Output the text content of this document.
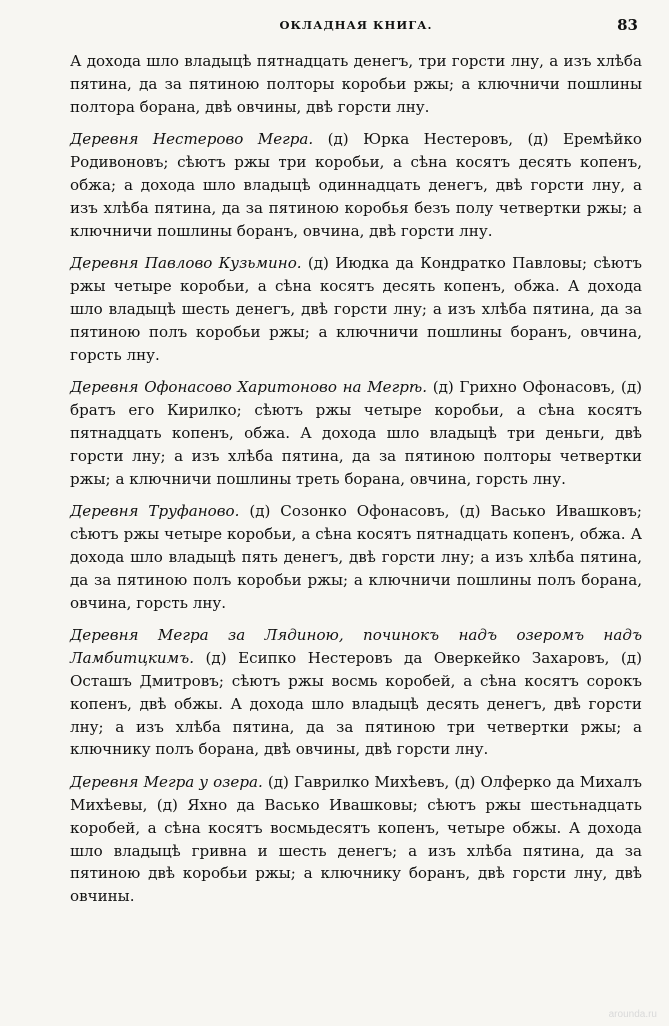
ОКЛАДНАЯ КНИГА.	83

А дохода шло владыцѣ пятнадцать денегъ, три горсти лну, а изъ хлѣба пятина, да за пятиною полторы коробьи ржы; а ключничи пошлины полтора борана, двѣ овчины, двѣ горсти лну.

Деревня Нестерово Мегра. (д) Юрка Нестеровъ, (д) Еремѣйко Родивоновъ; сѣютъ ржы три коробьи, а сѣна косятъ десять копенъ, обжа; а дохода шло владыцѣ одиннадцать денегъ, двѣ горсти лну, а изъ хлѣба пятина, да за пятиною коробья безъ полу четвертки ржы; а ключничи пошлины боранъ, овчина, двѣ горсти лну.

Деревня Павлово Кузьмино. (д) Июдка да Кондратко Павловы; сѣютъ ржы четыре коробьи, а сѣна косятъ десять копенъ, обжа. А дохода шло владыцѣ шесть денегъ, двѣ горсти лну; а изъ хлѣба пятина, да за пятиною полъ коробьи ржы; а ключничи пошлины боранъ, овчина, горсть лну.

Деревня Офонасово Харитоново на Мегрѣ. (д) Грихно Офонасовъ, (д) братъ его Кирилко; сѣютъ ржы четыре коробьи, а сѣна косятъ пятнадцать копенъ, обжа. А дохода шло владыцѣ три деньги, двѣ горсти лну; а изъ хлѣба пятина, да за пятиною полторы четвертки ржы; а ключничи пошлины треть борана, овчина, горсть лну.

Деревня Труфаново. (д) Созонко Офонасовъ, (д) Васько Ивашковъ; сѣютъ ржы четыре коробьи, а сѣна косятъ пятнадцать копенъ, обжа. А дохода шло владыцѣ пять денегъ, двѣ горсти лну; а изъ хлѣба пятина, да за пятиною полъ коробьи ржы; а ключничи пошлины полъ борана, овчина, горсть лну.

Деревня Мегра за Лядиною, починокъ надъ озеромъ надъ Ламбитцкимъ. (д) Есипко Нестеровъ да Оверкейко Захаровъ, (д) Осташъ Дмитровъ; сѣютъ ржы восмь коробей, а сѣна косятъ сорокъ копенъ, двѣ обжы. А дохода шло владыцѣ десять денегъ, двѣ горсти лну; а изъ хлѣба пятина, да за пятиною три четвертки ржы; а ключнику полъ борана, двѣ овчины, двѣ горсти лну.

Деревня Мегра у озера. (д) Гаврилко Михѣевъ, (д) Олферко да Михалъ Михѣевы, (д) Яхно да Васько Ивашковы; сѣютъ ржы шестьнадцать коробей, а сѣна косятъ восмьдесятъ копенъ, четыре обжы. А дохода шло владыцѣ гривна и шесть денегъ; а изъ хлѣба пятина, да за пятиною двѣ коробьи ржы; а ключнику боранъ, двѣ горсти лну, двѣ овчины.

arounda.ru
